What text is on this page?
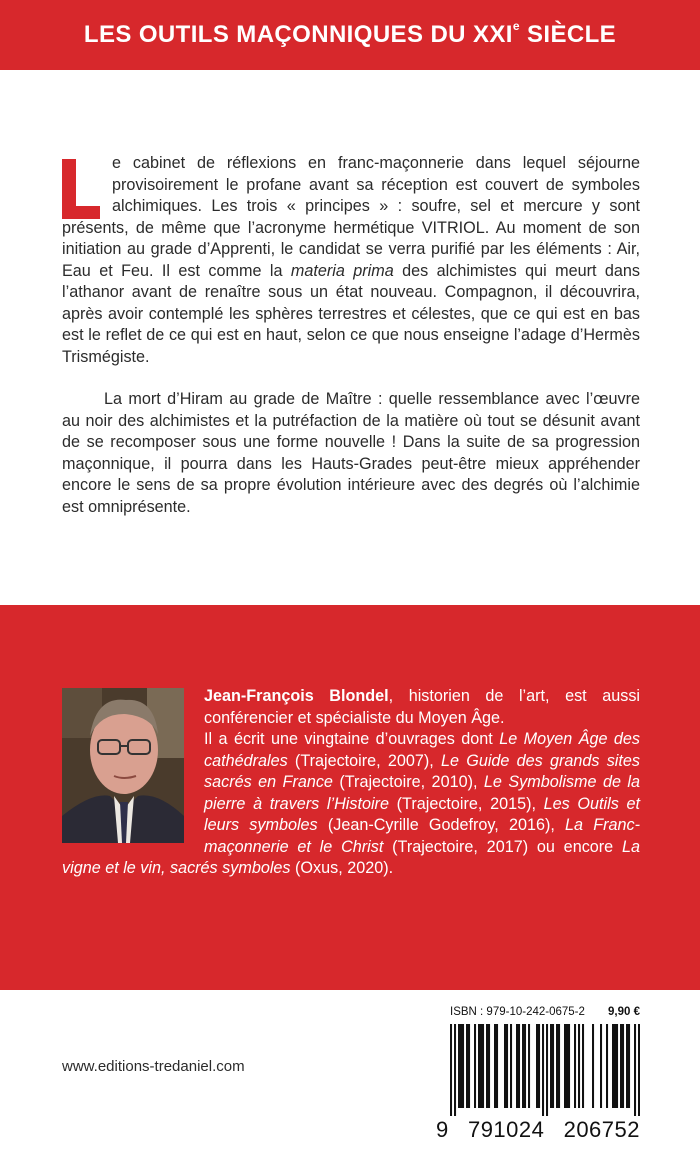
LES OUTILS MAÇONNIQUES DU XXIe SIÈCLE

e cabinet de réflexions en franc-maçonnerie dans lequel séjourne provisoirement le profane avant sa réception est couvert de symboles alchimiques. Les trois « principes » : soufre, sel et mercure y sont présents, de même que l’acronyme hermétique VITRIOL. Au moment de son initiation au grade d’Apprenti, le candidat se verra purifié par les éléments : Air, Eau et Feu. Il est comme la materia prima des alchimistes qui meurt dans l’athanor avant de renaître sous un état nouveau. Compagnon, il découvrira, après avoir contemplé les sphères terrestres et célestes, que ce qui est en bas est le reflet de ce qui est en haut, selon ce que nous enseigne l’adage d’Hermès Trismégiste.

La mort d’Hiram au grade de Maître : quelle ressemblance avec l’œuvre au noir des alchimistes et la putréfaction de la matière où tout se désunit avant de se recomposer sous une forme nouvelle ! Dans la suite de sa progression maçonnique, il pourra dans les Hauts-Grades peut-être mieux appréhender encore le sens de sa propre évolution intérieure avec des degrés où l’alchimie est omniprésente.

Jean-François Blondel, historien de l’art, est aussi conférencier et spécialiste du Moyen Âge.
Il a écrit une vingtaine d’ouvrages dont Le Moyen Âge des cathédrales (Trajectoire, 2007), Le Guide des grands sites sacrés en France (Trajectoire, 2010), Le Symbolisme de la pierre à travers l’Histoire (Trajectoire, 2015), Les Outils et leurs symboles (Jean-Cyrille Godefroy, 2016), La Franc-maçonnerie et le Christ (Trajectoire, 2017) ou encore La vigne et le vin, sacrés symboles (Oxus, 2020).
www.editions-tredaniel.com
ISBN : 979-10-242-0675-2 9,90 €
9 791024 206752
